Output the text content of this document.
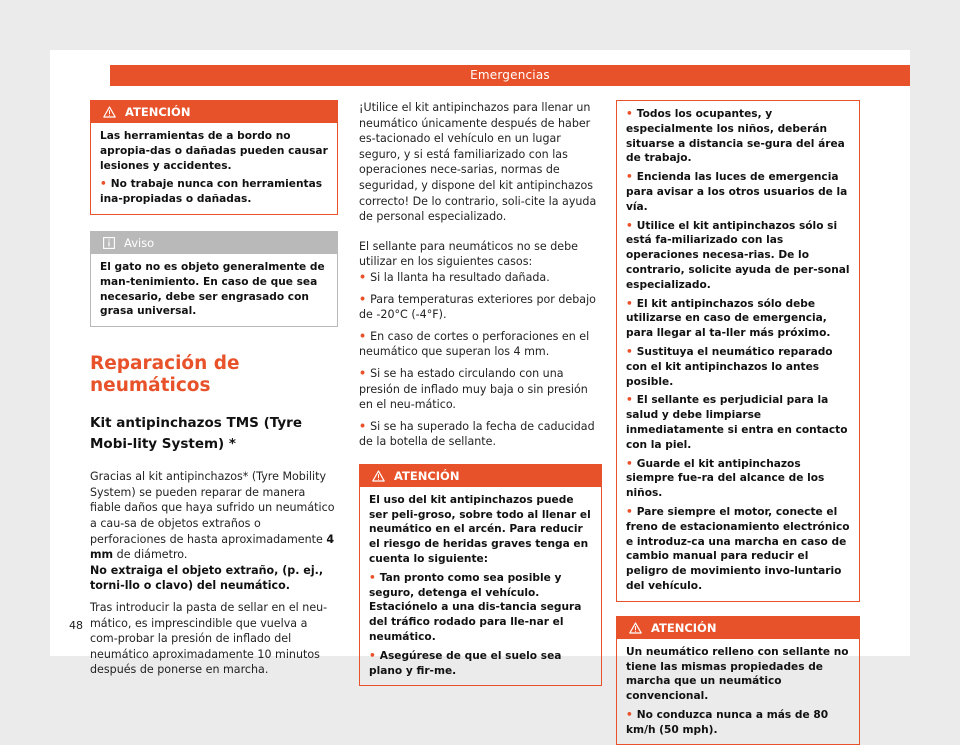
Emergencias
ATENCIÓN

Las herramientas de a bordo no apropia-das o dañadas pueden causar lesiones y accidentes.

• No trabaje nunca con herramientas ina-propiadas o dañadas.

Aviso

El gato no es objeto generalmente de man-tenimiento. En caso de que sea necesario, debe ser engrasado con grasa universal.

Reparación de neumáticos
Kit antipinchazos TMS (Tyre Mobi-lity System) *

Gracias al kit antipinchazos* (Tyre Mobility System) se pueden reparar de manera fiable daños que haya sufrido un neumático a cau-sa de objetos extraños o perforaciones de hasta aproximadamente 4 mm de diámetro.

No extraiga el objeto extraño, (p. ej., torni-llo o clavo) del neumático.

Tras introducir la pasta de sellar en el neu-mático, es imprescindible que vuelva a com-probar la presión de inflado del neumático aproximadamente 10 minutos después de ponerse en marcha.

¡Utilice el kit antipinchazos para llenar un neumático únicamente después de haber es-tacionado el vehículo en un lugar seguro, y si está familiarizado con las operaciones nece-sarias, normas de seguridad, y dispone del kit antipinchazos correcto! De lo contrario, soli-cite la ayuda de personal especializado.
El sellante para neumáticos no se debe utilizar en los siguientes casos:

• Si la llanta ha resultado dañada.

• Para temperaturas exteriores por debajo de -20°C (-4°F).

• En caso de cortes o perforaciones en el neumático que superan los 4 mm.

• Si se ha estado circulando con una presión de inflado muy baja o sin presión en el neu-mático.

• Si se ha superado la fecha de caducidad de la botella de sellante.

ATENCIÓN

El uso del kit antipinchazos puede ser peli-groso, sobre todo al llenar el neumático en el arcén. Para reducir el riesgo de heridas graves tenga en cuenta lo siguiente:

• Tan pronto como sea posible y seguro, detenga el vehículo. Estaciónelo a una dis-tancia segura del tráfico rodado para lle-nar el neumático.

• Asegúrese de que el suelo sea plano y fir-me.

• Todos los ocupantes, y especialmente los niños, deberán situarse a distancia se-gura del área de trabajo.

• Encienda las luces de emergencia para avisar a los otros usuarios de la vía.

• Utilice el kit antipinchazos sólo si está fa-miliarizado con las operaciones necesa-rias. De lo contrario, solicite ayuda de per-sonal especializado.

• El kit antipinchazos sólo debe utilizarse en caso de emergencia, para llegar al ta-ller más próximo.

• Sustituya el neumático reparado con el kit antipinchazos lo antes posible.

• El sellante es perjudicial para la salud y debe limpiarse inmediatamente si entra en contacto con la piel.

• Guarde el kit antipinchazos siempre fue-ra del alcance de los niños.

• Pare siempre el motor, conecte el freno de estacionamiento electrónico e introduz-ca una marcha en caso de cambio manual para reducir el peligro de movimiento invo-luntario del vehículo.

ATENCIÓN

Un neumático relleno con sellante no tiene las mismas propiedades de marcha que un neumático convencional.

• No conduzca nunca a más de 80 km/h (50 mph).

48
